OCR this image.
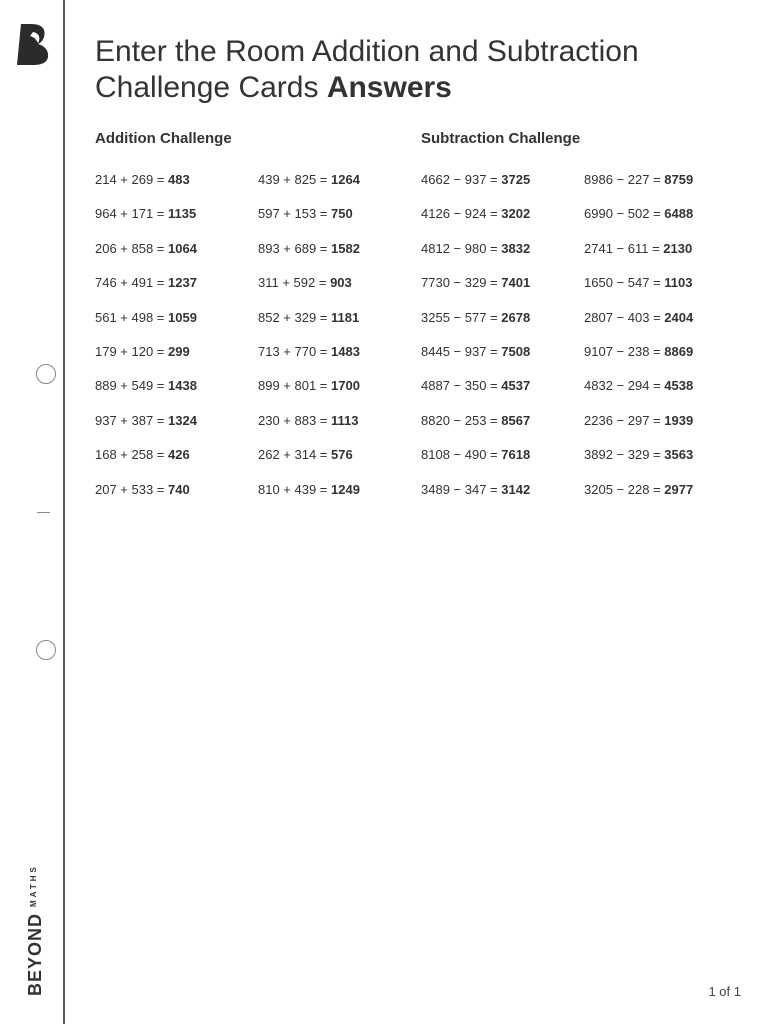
$BEYOND^{MATHS}$
Enter the Room Addition and Subtraction Challenge Cards Answers
Addition Challenge	Subtraction Challenge
214 + 269 = 483
964 + 171 = 1135
206 + 858 = 1064
746 + 491 = 1237
561 + 498 = 1059
179 + 120 = 299
889 + 549 = 1438
937 + 387 = 1324
168 + 258 = 426
207 + 533 = 740
439 + 825 = 1264
597 + 153 = 750
893 + 689 = 1582
311 + 592 = 903
852 + 329 = 1181
713 + 770 = 1483
899 + 801 = 1700
230 + 883 = 1113
262 + 314 = 576
810 + 439 = 1249
4662 − 937 = 3725
4126 − 924 = 3202
4812 − 980 = 3832
7730 − 329 = 7401
3255 − 577 = 2678
8445 − 937 = 7508
4887 − 350 = 4537
8820 − 253 = 8567
8108 − 490 = 7618
3489 − 347 = 3142
8986 − 227 = 8759
6990 − 502 = 6488
2741 − 611 = 2130
1650 − 547 = 1103
2807 − 403 = 2404
9107 − 238 = 8869
4832 − 294 = 4538
2236 − 297 = 1939
3892 − 329 = 3563
3205 − 228 = 2977
1 of 1
